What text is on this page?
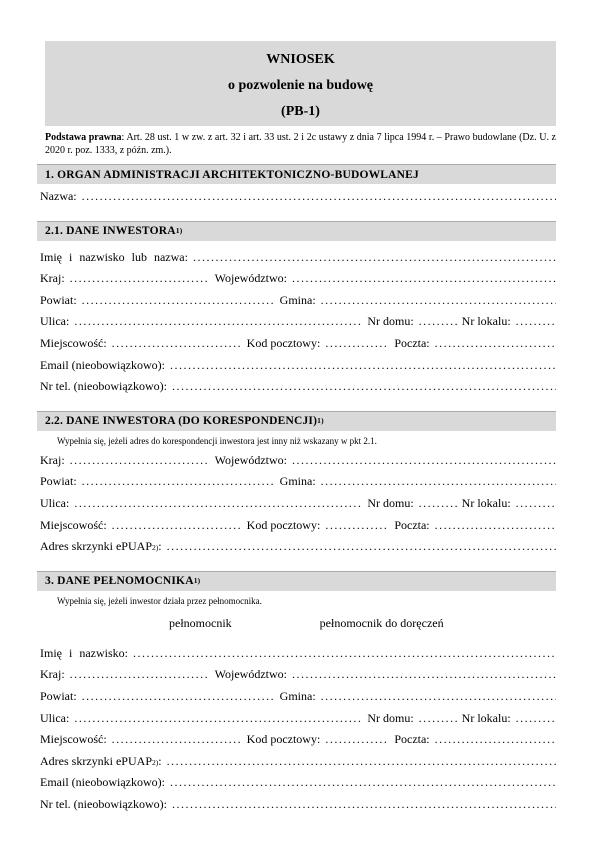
WNIOSEK
o pozwolenie na budowę
(PB-1)

Podstawa prawna: Art. 28 ust. 1 w zw. z art. 32 i art. 33 ust. 2 i 2c ustawy z dnia 7 lipca 1994 r. – Prawo budowlane (Dz. U. z 2020 r. poz. 1333, z późn. zm.).

1. ORGAN ADMINISTRACJI ARCHITEKTONICZNO-BUDOWLANEJ
Nazwa:
.....
2.1. DANE INWESTORA 1)
Imię i nazwisko lub nazwa:
.....
Kraj: .....	Województwo:
.....
Powiat: .....	Gmina:
.....
Ulica: .....	Nr domu: .....	Nr lokalu:
.....
Miejscowość: .....	Kod pocztowy: .....	Poczta:
.....
Email (nieobowiązkowo):
.....
Nr tel. (nieobowiązkowo):
.....
2.2. DANE INWESTORA (DO KORESPONDENCJI) 1)
Wypełnia się, jeżeli adres do korespondencji inwestora jest inny niż wskazany w pkt 2.1.
Kraj: .....	Województwo:
.....
Powiat: .....	Gmina:
.....
Ulica: .....	Nr domu: .....	Nr lokalu:
.....
Miejscowość: .....	Kod pocztowy: .....	Poczta:
.....
Adres skrzynki ePUAP 2) :
.....
3. DANE PEŁNOMOCNIKA 1)
Wypełnia się, jeżeli inwestor działa przez pełnomocnika.
pełnomocnik	pełnomocnik do doręczeń
Imię i nazwisko:
.....
Kraj: .....	Województwo:
.....
Powiat: .....	Gmina:
.....
Ulica: .....	Nr domu: .....	Nr lokalu:
.....
Miejscowość: .....	Kod pocztowy: .....	Poczta:
.....
Adres skrzynki ePUAP 2) :
.....
Email (nieobowiązkowo):
.....
Nr tel. (nieobowiązkowo):
.....
